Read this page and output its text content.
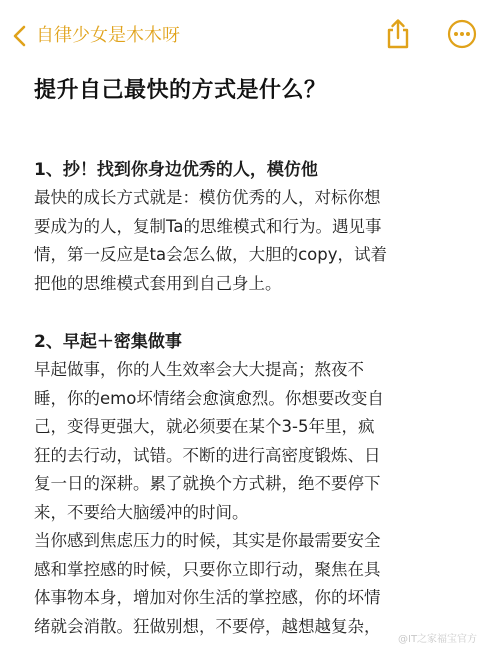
自律少女是木木呀
提升自己最快的方式是什么？
1、抄！找到你身边优秀的人，模仿他
最快的成长方式就是：模仿优秀的人，对标你想
要成为的人，复制Ta的思维模式和行为。遇见事
情，第一反应是ta会怎么做，大胆的copy，试着
把他的思维模式套用到自己身上。
2、早起＋密集做事
早起做事，你的人生效率会大大提高；熬夜不
睡，你的emo坏情绪会愈演愈烈。你想要改变自
己，变得更强大，就必须要在某个3-5年里，疯
狂的去行动，试错。不断的进行高密度锻炼、日
复一日的深耕。累了就换个方式耕，绝不要停下
来，不要给大脑缓冲的时间。
当你感到焦虑压力的时候，其实是你最需要安全
感和掌控感的时候，只要你立即行动，聚焦在具
体事物本身，增加对你生活的掌控感，你的坏情
绪就会消散。狂做别想，不要停，越想越复杂，
@IT之家福宝官方
